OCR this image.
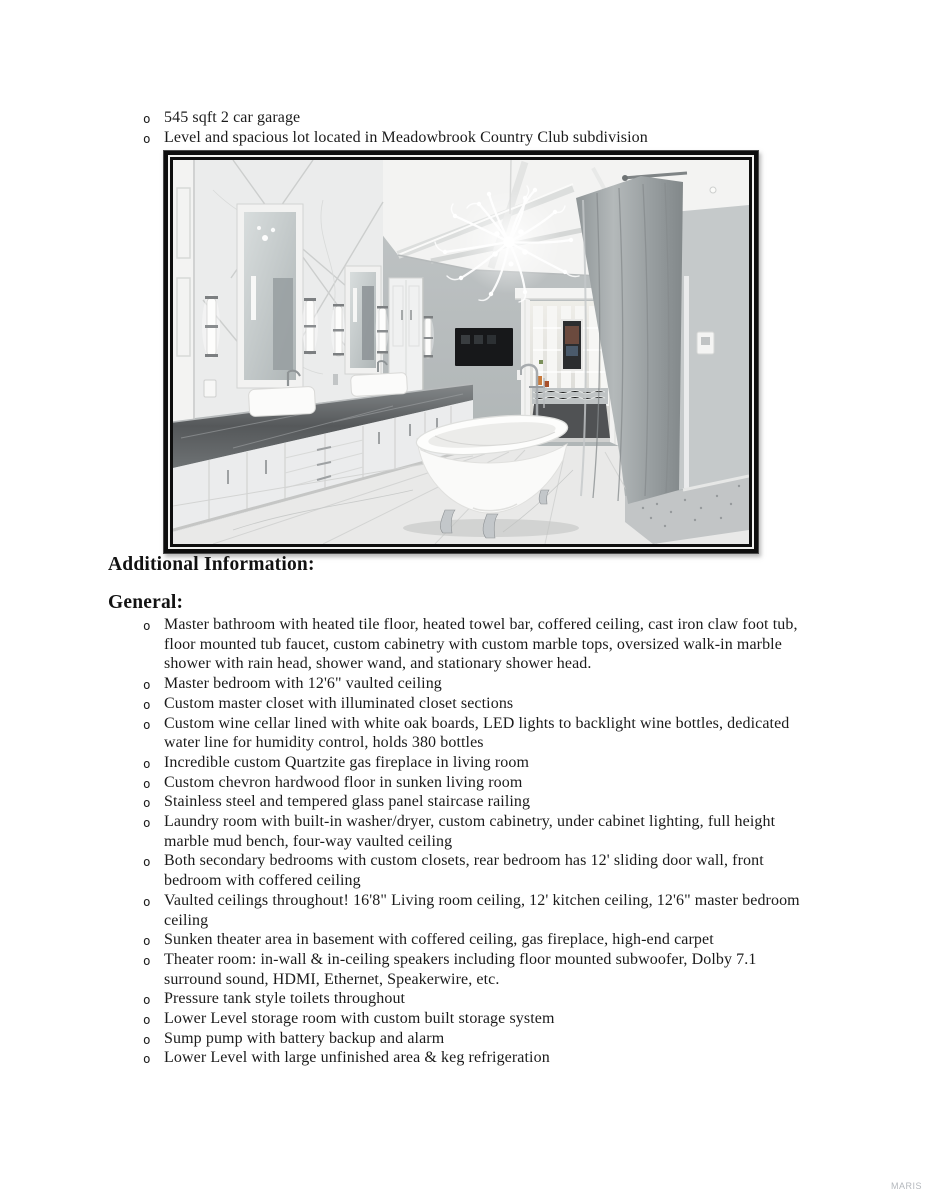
o 545 sqft 2 car garage
o Level and spacious lot located in Meadowbrook Country Club subdivision
Additional Information:
General:
o Master bathroom with heated tile floor, heated towel bar, coffered ceiling, cast iron claw foot tub, floor mounted tub faucet, custom cabinetry with custom marble tops, oversized walk-in marble shower with rain head, shower wand, and stationary shower head.
o Master bedroom with 12'6" vaulted ceiling
o Custom master closet with illuminated closet sections
o Custom wine cellar lined with white oak boards, LED lights to backlight wine bottles, dedicated water line for humidity control, holds 380 bottles
o Incredible custom Quartzite gas fireplace in living room
o Custom chevron hardwood floor in sunken living room
o Stainless steel and tempered glass panel staircase railing
o Laundry room with built-in washer/dryer, custom cabinetry, under cabinet lighting, full height marble mud bench, four-way vaulted ceiling
o Both secondary bedrooms with custom closets, rear bedroom has 12' sliding door wall, front bedroom with coffered ceiling
o Vaulted ceilings throughout! 16'8" Living room ceiling, 12' kitchen ceiling, 12'6" master bedroom ceiling
o Sunken theater area in basement with coffered ceiling, gas fireplace, high-end carpet
o Theater room: in-wall & in-ceiling speakers including floor mounted subwoofer, Dolby 7.1 surround sound, HDMI, Ethernet, Speakerwire, etc.
o Pressure tank style toilets throughout
o Lower Level storage room with custom built storage system
o Sump pump with battery backup and alarm
o Lower Level with large unfinished area & keg refrigeration
MARIS
